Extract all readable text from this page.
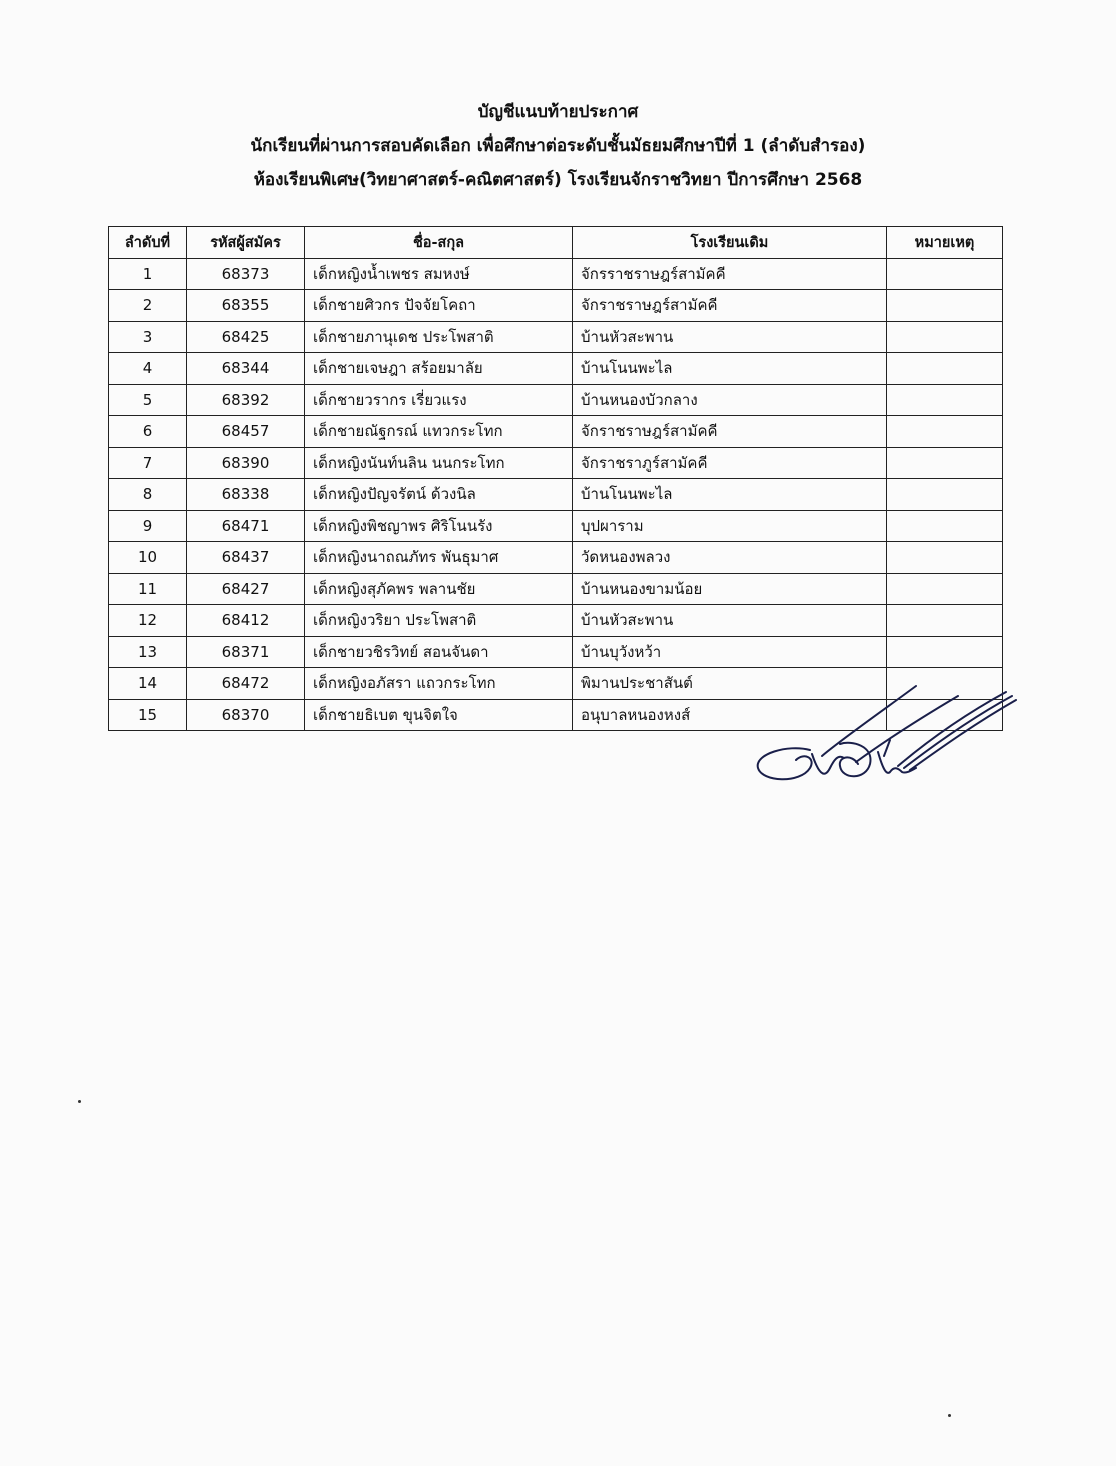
บัญชีแนบท้ายประกาศ
นักเรียนที่ผ่านการสอบคัดเลือก เพื่อศึกษาต่อระดับชั้นมัธยมศึกษาปีที่ 1 (ลำดับสำรอง)
ห้องเรียนพิเศษ(วิทยาศาสตร์-คณิตศาสตร์) โรงเรียนจักราชวิทยา ปีการศึกษา 2568
ลำดับที่	รหัสผู้สมัคร	ชื่อ-สกุล	โรงเรียนเดิม	หมายเหตุ
1	68373	เด็กหญิงน้ำเพชร สมหงษ์	จักรราชราษฎร์สามัคคี	
2	68355	เด็กชายศิวกร ปัจจัยโคถา	จักราชราษฎร์สามัคคี	
3	68425	เด็กชายภานุเดช ประโพสาติ	บ้านหัวสะพาน	
4	68344	เด็กชายเจษฎา สร้อยมาลัย	บ้านโนนพะไล	
5	68392	เด็กชายวรากร เรี่ยวแรง	บ้านหนองบัวกลาง	
6	68457	เด็กชายณัฐกรณ์ แทวกระโทก	จักราชราษฎร์สามัคคี	
7	68390	เด็กหญิงนันท์นลิน นนกระโทก	จักราชราภูร์สามัคคี	
8	68338	เด็กหญิงปัญจรัตน์ ด้วงนิล	บ้านโนนพะไล	
9	68471	เด็กหญิงพิชญาพร ศิริโนนรัง	บุปผาราม	
10	68437	เด็กหญิงนาถณภัทร พันธุมาศ	วัดหนองพลวง	
11	68427	เด็กหญิงสุภัคพร พลานชัย	บ้านหนองขามน้อย	
12	68412	เด็กหญิงวริยา ประโพสาติ	บ้านหัวสะพาน	
13	68371	เด็กชายวชิรวิทย์ สอนจันดา	บ้านบุวังหว้า	
14	68472	เด็กหญิงอภัสรา แถวกระโทก	พิมานประชาสันต์	
15	68370	เด็กชายธิเบต ขุนจิตใจ	อนุบาลหนองหงส์	
